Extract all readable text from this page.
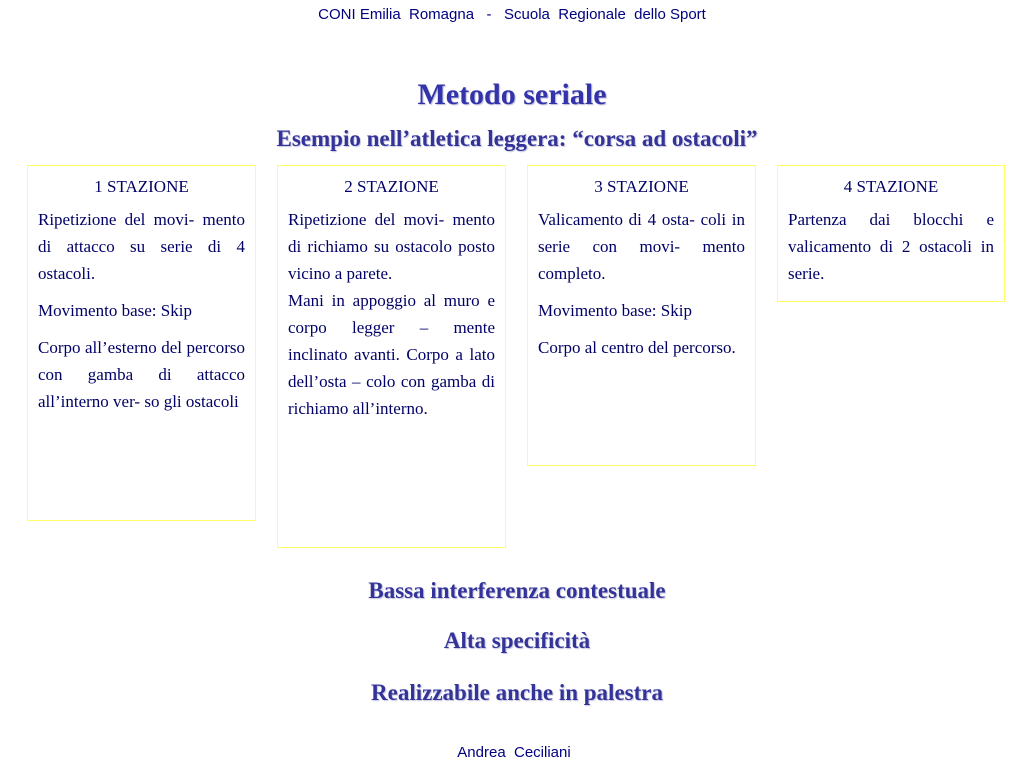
CONI Emilia  Romagna   -   Scuola  Regionale  dello Sport
Metodo seriale
Esempio nell’atletica leggera: “corsa ad ostacoli”
1 STAZIONE
Ripetizione del movi- mento di attacco su serie di 4 ostacoli.
Movimento base: Skip
Corpo all’esterno del percorso con gamba di attacco all’interno ver- so gli ostacoli
2 STAZIONE
Ripetizione del movi- mento di richiamo su ostacolo posto vicino a parete.
Mani in appoggio al muro e corpo legger – mente inclinato avanti. Corpo a lato dell’osta – colo con gamba di richiamo all’interno.
3 STAZIONE
Valicamento di 4 osta- coli in serie con movi- mento completo.
Movimento base: Skip
Corpo al centro del percorso.
4 STAZIONE
Partenza dai blocchi e valicamento di 2 ostacoli in serie.
Bassa interferenza contestuale
Alta specificità
Realizzabile anche in palestra
Andrea  Ceciliani
